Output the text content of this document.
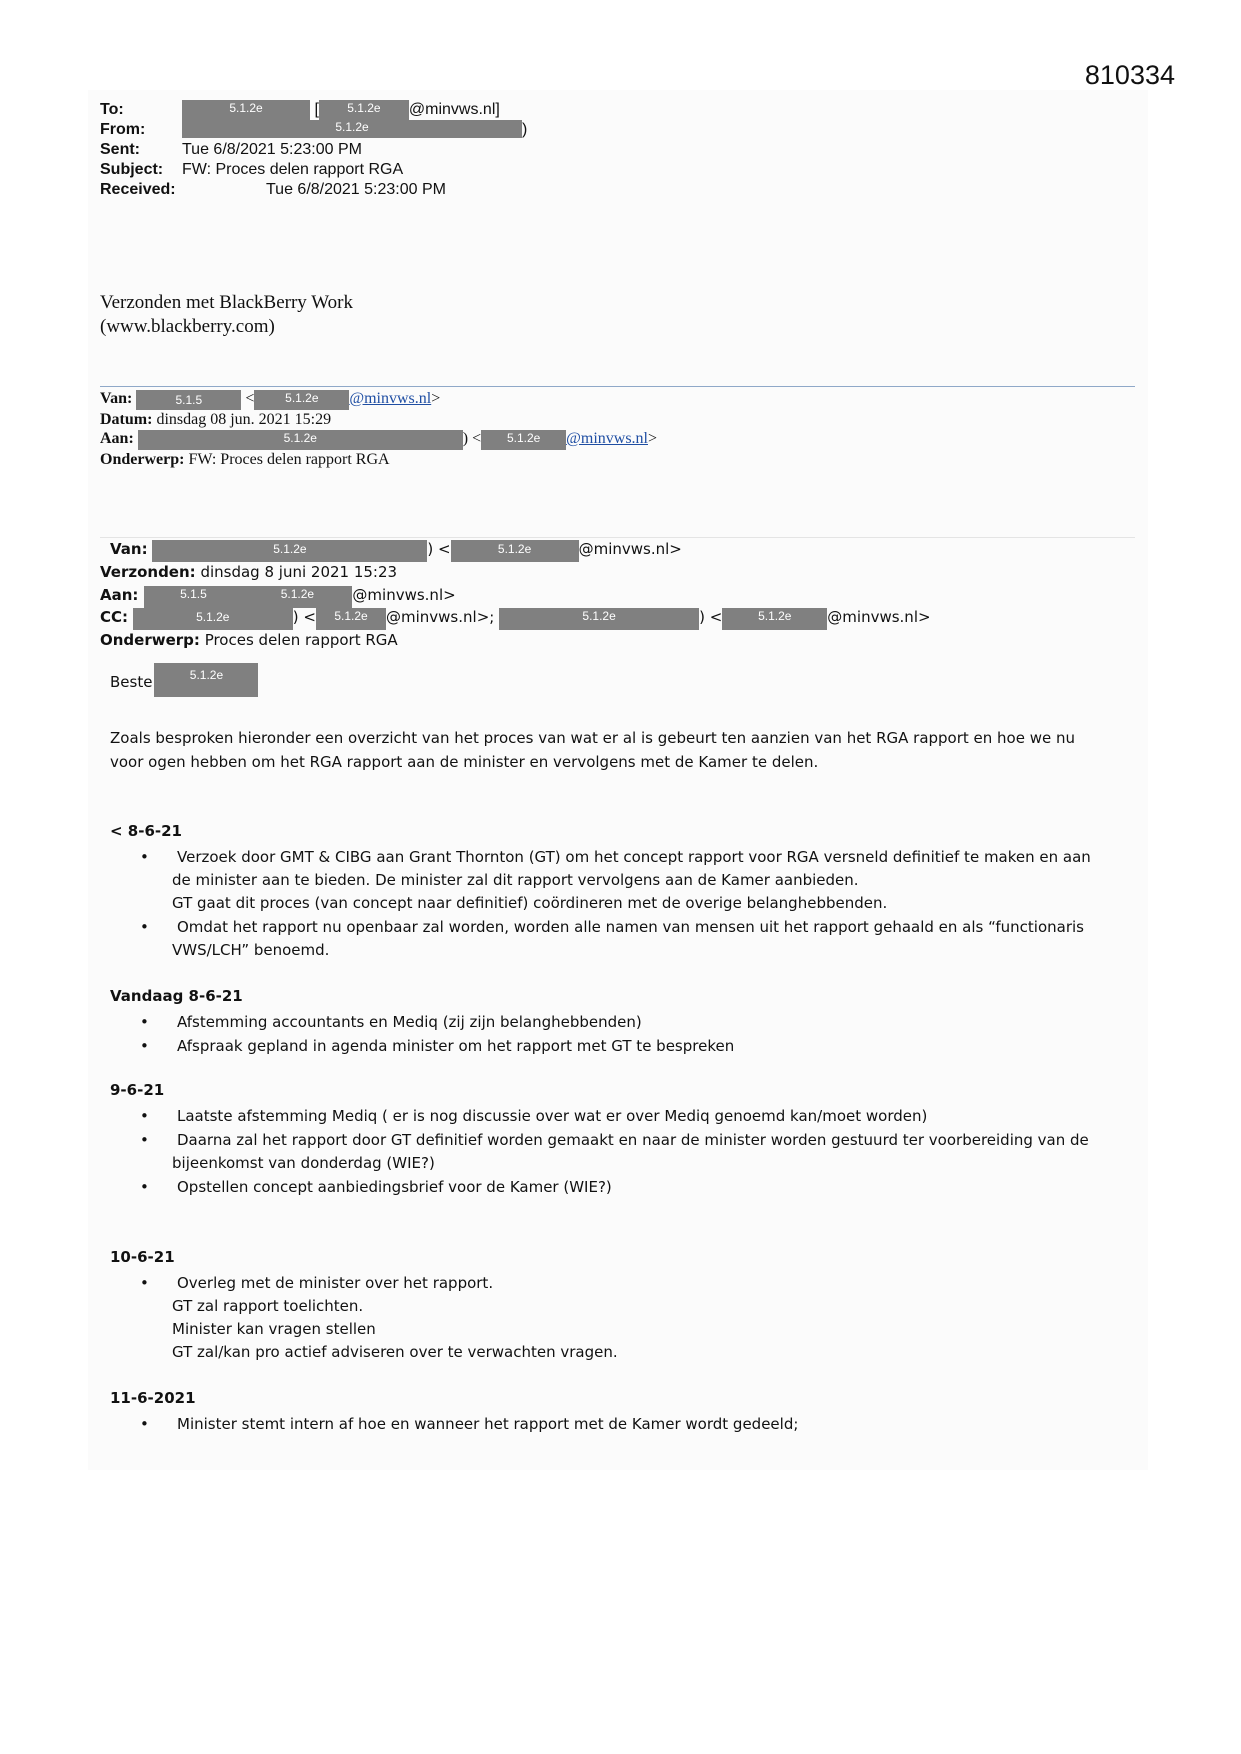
810334
To:	5.1.2e	[ 5.1.2e @minvws.nl]
From:	5.1.2e	)
Sent:	Tue 6/8/2021 5:23:00 PM
Subject: FW: Proces delen rapport RGA
Received:	Tue 6/8/2021 5:23:00 PM
Verzonden met BlackBerry Work
(www.blackberry.com)
Van:	5.1.5 <	5.1.2e @minvws.nl>
Datum: dinsdag 08 jun. 2021 15:29
Aan:	5.1.2e	) < 5.1.2e @minvws.nl>
Onderwerp: FW: Proces delen rapport RGA
Van:	5.1.2e	) <	5.1.2e	@minvws.nl>
Verzonden: dinsdag 8 juni 2021 15:23
Aan:	5.1.5	5.1.2e	@minvws.nl>
CC:	5.1.2e	) < 5.1.2e @minvws.nl>;	5.1.2e	) <	5.1.2e @minvws.nl>
Onderwerp: Proces delen rapport RGA
Beste	5.1.2e
Zoals besproken hieronder een overzicht van het proces van wat er al is gebeurt ten aanzien van het RGA rapport en hoe we nu
voor ogen hebben om het RGA rapport aan de minister en vervolgens met de Kamer te delen.
< 8-6-21
• Verzoek door GMT & CIBG aan Grant Thornton (GT) om het concept rapport voor RGA versneld definitief te maken en aan
de minister aan te bieden. De minister zal dit rapport vervolgens aan de Kamer aanbieden.
GT gaat dit proces (van concept naar definitief) coördineren met de overige belanghebbenden.
• Omdat het rapport nu openbaar zal worden, worden alle namen van mensen uit het rapport gehaald en als “functionaris
VWS/LCH” benoemd.
Vandaag 8-6-21
• Afstemming accountants en Mediq (zij zijn belanghebbenden)
• Afspraak gepland in agenda minister om het rapport met GT te bespreken
9-6-21
• Laatste afstemming Mediq ( er is nog discussie over wat er over Mediq genoemd kan/moet worden)
• Daarna zal het rapport door GT definitief worden gemaakt en naar de minister worden gestuurd ter voorbereiding van de
bijeenkomst van donderdag (WIE?)
• Opstellen concept aanbiedingsbrief voor de Kamer (WIE?)
10-6-21
• Overleg met de minister over het rapport.
GT zal rapport toelichten.
Minister kan vragen stellen
GT zal/kan pro actief adviseren over te verwachten vragen.
11-6-2021
• Minister stemt intern af hoe en wanneer het rapport met de Kamer wordt gedeeld;
